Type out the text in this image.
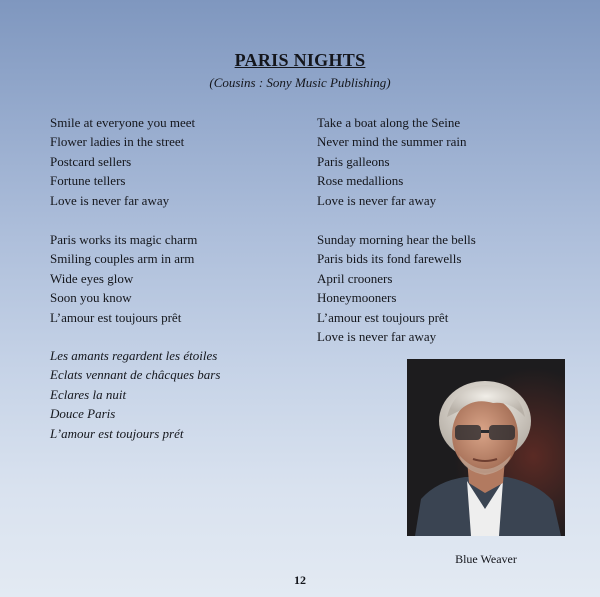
PARIS NIGHTS
(Cousins : Sony Music Publishing)
Smile at everyone you meet
Flower ladies in the street
Postcard sellers
Fortune tellers
Love is never far away
Paris works its magic charm
Smiling couples arm in arm
Wide eyes glow
Soon you know
L’amour est toujours prêt
Les amants regardent les étoiles
Eclats vennant de châcques bars
Eclares la nuit
Douce Paris
L’amour est toujours prét
Take a boat along the Seine
Never mind the summer rain
Paris galleons
Rose medallions
Love is never far away
Sunday morning hear the bells
Paris bids its fond farewells
April crooners
Honeymooners
L’amour est toujours prêt
Love is never far away
Blue Weaver
12
